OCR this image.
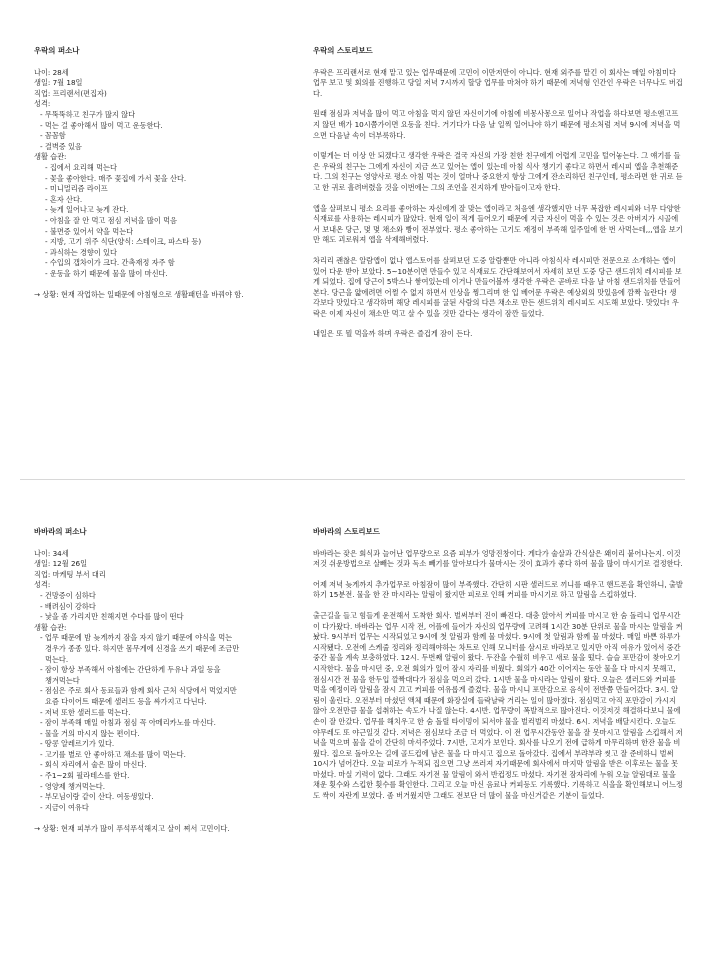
우락의 퍼소나
나이: 28세
생일: 7월 18일
직업: 프리랜서(편집자)
성격:
- 무뚝뚝하고 친구가 많지 않다
- 먹는 걸 좋아해서 많이 먹고 운동한다.
- 꼼꼼함
- 결벽증 있음
생활 습관:
- 집에서 요리해 먹는다
- 꽃을 좋아한다. 매주 꽃집에 가서 꽃을 산다.
- 미니멀리즘 라이프
- 혼자 산다.
- 늦게 일어나고 늦게 잔다.
- 아침을 잘 안 먹고 점심 저녁을 많이 먹음
- 불면증 있어서 약을 먹는다
- 지방, 고기 위주 식단(양식: 스테이크, 파스타 등)
- 과식하는 경향이 있다
- 수입의 갭차이가 크다. 간촉재정 자주 함
- 운동을 하기 때문에 물을 많이 마신다.
→ 상황: 현재 작업하는 일때문에 아침형으로 생활패턴을 바꿔야 함.
우락의 스토리보드

우락은 프리랜서로 현재 맡고 있는 업무때문에 고민이 이만저만이 아니다. 현재 외주를 맡긴 이 회사는 매일 아침미다 업무 보고 및 회의를 진행하고 당일 저녁 7시까지 할당 업무를 마쳐야 하기 때문에 저녁형 인간인 우락은 너무나도 버겁다.

원래 점심과 저녁을 많이 먹고 아침을 먹지 않던 자신이기에 아침에 비몽사몽으로 일어나 작업을 하다보면 평소엔고프지 않던 배가 10시쯤가이면 요동을 친다. 거기다가 다음 날 일찍 일어나야 하기 때문에 평소처럼 저녁 9시에 저녁을 먹으면 다음날 속이 더부룩하다.

이렇게는 더 이상 안 되겠다고 생각한 우락은 결국 자신의 가장 친한 친구에게 어렵게 고민을 털어놓는다. 그 얘기를 들은 우락의 친구는 그에게 자신이 지금 쓰고 있어는 앱이 있는데 아침 식사 챙기기 좋다고 하면서 레시피 앱을 추천해준다. 그의 친구는 영양사로 평소 아침 먹는 것이 얼마나 중요한지 항상 그에게 잔소리하던 친구인데, 평소라면 한 귀로 듣고 한 귀로 흘려버렸을 것을 이번에는 그의 조언을 진지하게 받아들이고자 한다.

앱을 살펴보니 평소 요리를 좋아하는 자신에게 잘 맞는 앱이라고 처음엔 생각했지만 너무 복잡한 레시피와 너무 다양한 식재료를 사용하는 레시피가 많았다. 현재 일이 적게 들어오기 때문에 지금 자신이 먹을 수 있는 것은 아버지가 시골에서 보내온 당근, 몇 몇 채소와 빵이 전부였다. 평소 좋아하는 고기도 재정이 부족해 일주일에 한 번 사먹는데,,,앱을 보기만 해도 괴로워져 앱을 삭제해버렸다.

차리리 괜찮은 알람앱이 없나 앱스토어를 살펴보던 도중 알람뿐만 아니라 아침식사 레시피만 전문으로 소개하는 앱이 있어 다운 받아 보았다. 5~10분이면 만들수 있고 식재료도 간단해보여서 자세히 보던 도중 당근 샌드위치 레시피를 보게 되었다. 집에 당근이 5박스나 쌓여있는데 이거나 만들어볼까 생각한 우락은 곧바로 다음 날 아침 샌드위치를 만들어본다. 당근을 얇에려면 어쩔 수 없지 하면서 인상을 찡그리며 한 입 베어문 우락은 예상외의 맛있음에 깜짝 놀란다! 생각보다 맛있다고 생각하며 해당 레시피를 굴된 사람의 다른 채소로 만든 샌드위치 레시피도 시도해 보았다. 맛있다! 우락은 이제 자신이 채소만 먹고 살 수 있을 것만 같다는 생각이 잠깐 들었다.

내일은 또 뭘 먹을까 하며 우락은 즐겁게 잠이 든다.

바바라의 퍼소나
나이: 34세
생일: 12월 26일
직업: 마케팅 부서 대리
성격:
- 건망증이 심하다
- 배려심이 강하다
- 낯을 좀 가리지만 친해지면 수다를 많이 떤다
생활 습관:
- 업무 때문에 밤 늦게까지 잠을 자지 않기 때문에 야식을 먹는
경우가 종종 있다. 하지만 몸무게에 신경을 쓰기 때문에 조금만
먹는다.
- 잠이 항상 부족해서 아침에는 간단하게 두유나 과일 등을
챙겨먹는다
- 점심은 주로 회사 동료들과 함께 회사 근처 식당에서 먹었지만
요즘 다이어트 때문에 샐러드 등을 싸가지고 다닌다.
- 저녁 또한 샐러드를 먹는다.
- 잠이 부족해 매일 아침과 점심 꼭 아메리카노를 마신다.
- 물을 거의 마시지 않는 편이다.
- 땅콩 알레르기가 있다.
- 고기를 별로 안 좋아하고 채소를 많이 먹는다.
- 회식 자리에서 술은 많이 마신다.
- 주1~2회 필라테스를 한다.
- 영양제 챙겨먹는다.
- 부모님이랑 같이 산다. 여동생있다.
- 지금이 여유다
→ 상황: 현재 피부가 많이 푸석푸석해지고 살이 쪄서 고민이다.
바바라의 스토리보드

바바라는 잦은 회식과 늘어난 업무량으로 요즘 피부가 엉망진창이다. 게다가 술살과 간식살은 왜이리 붙어나는지. 이것저것 쉬운방법으로 살빼는 것과 독소 빼기를 알아보다가 물마시는 것이 효과가 좋다 하여 물을 많이 마시기로 결정한다.

어제 저녁 늦게까지 추가업무로 아침잠이 많이 부족했다. 간단히 시판 샐러드로 끼니를 때우고 핸드폰을 확인하니, 출발하기 15분전. 물을 한 잔 마시라는 알림이 왔지만 피로로 인해 커피를 마시기로 하고 알림을 스킵하였다.

출근길을 들고 힘들게 운전해서 도착한 회사. 벌써부터 진이 빠진다. 대충 앉아서 커피를 마시고 한 숨 돌리니 업무시간이 다가왔다. 바바라는 업무 시작 전, 어플에 들어가 자신의 업무량에 고려해 1시간 30분 단위로 물을 마시는 알림을 켜놨다. 9시부터 업무는 시작되었고 9시에 첫 알림과 함께 물 마셨다. 9시에 첫 알림과 함께 물 마셨다. 매일 바쁜 하루가 시작됐다. 오전에 스케줄 정리와 정리해야하는 차트로 인해 모니터를 삼시로 바라보고 있지만 아직 여유가 있어서 중간중간 물을 계속 보충하였다. 12시. 두번째 알림이 왔다. 두잔을 수월히 비우고 새로 물을 떴다. 슬슬 포만감이 찾아오기 시작한다. 물을 마시던 중, 오전 회의가 있어 잠시 자리를 비웠다. 회의가 40간 이어지는 동안 물을 다 마시지 못해고, 점심시간 전 물을 한두입 깔짝대다가 점심을 먹으러 갔다. 1시반 물을 마시라는 알림이 왔다. 오늘은 샐러드와 커피를 먹을 예정이라 알림을 잠시 끄고 커피를 여유롭게 즐겼다. 물을 마시니 포만감으로 음식이 전반쯤 만들어갔다. 3시. 알림이 울린다. 오전부터 마셨던 액체 때문에 화장실에 들락날락 거리는 일이 많아졌다. 점심먹고 아직 포만감이 가시지 않아 오전만큼 물을 섭취하는 속도가 나질 않는다. 4시반. 업무량이 폭발적으로 많아진다. 이것저것 해결하다보니 물에 손이 잘 안갔다. 업무를 해치우고 한 숨 돌릴 타이밍이 되서야 물을 벌컥벌컥 마셨다. 6시. 저녁을 배달시킨다. 오늘도 야무레도 또 야근일것 같다. 저녁은 점심보다 조금 더 먹었다. 이 전 업무시간동안 물을 잘 못마시고 알림을 스킵해서 저녁을 먹으며 물을 같이 간단히 마셔주었다. 7시반, 고지가 보인다. 회사를 나오기 전에 급하게 마무리하며 한잔 물을 비웠다. 집으로 돌아오는 길에 골드컵에 남은 물을 다 마시고 집으로 돌아갔다. 집에서 부랴부랴 씻고 잘 준비하니 벌써 10시가 넘어간다. 오늘 피로가 누적되 집으면 그냥 쓰러져 자기때문에 회사에서 마지막 알림을 받은 이후로는 물을 못마셨다. 마실 기력이 없다. 그래도 자기전 물 알림이 와서 반컵정도 마셨다. 자기전 잠자리에 누워 오늘 알림대로 물을 채운 횟수와 스킵한 횟수를 확인한다. 그리고 오늘 마신 음료나 커피등도 기록했다. 기록하고 식을을 확인해보니 어느정도 싹이 자란게 보였다. 좀 버거웠지만 그래도 전보단 더 많이 물을 마신거같은 기분이 들었다.
